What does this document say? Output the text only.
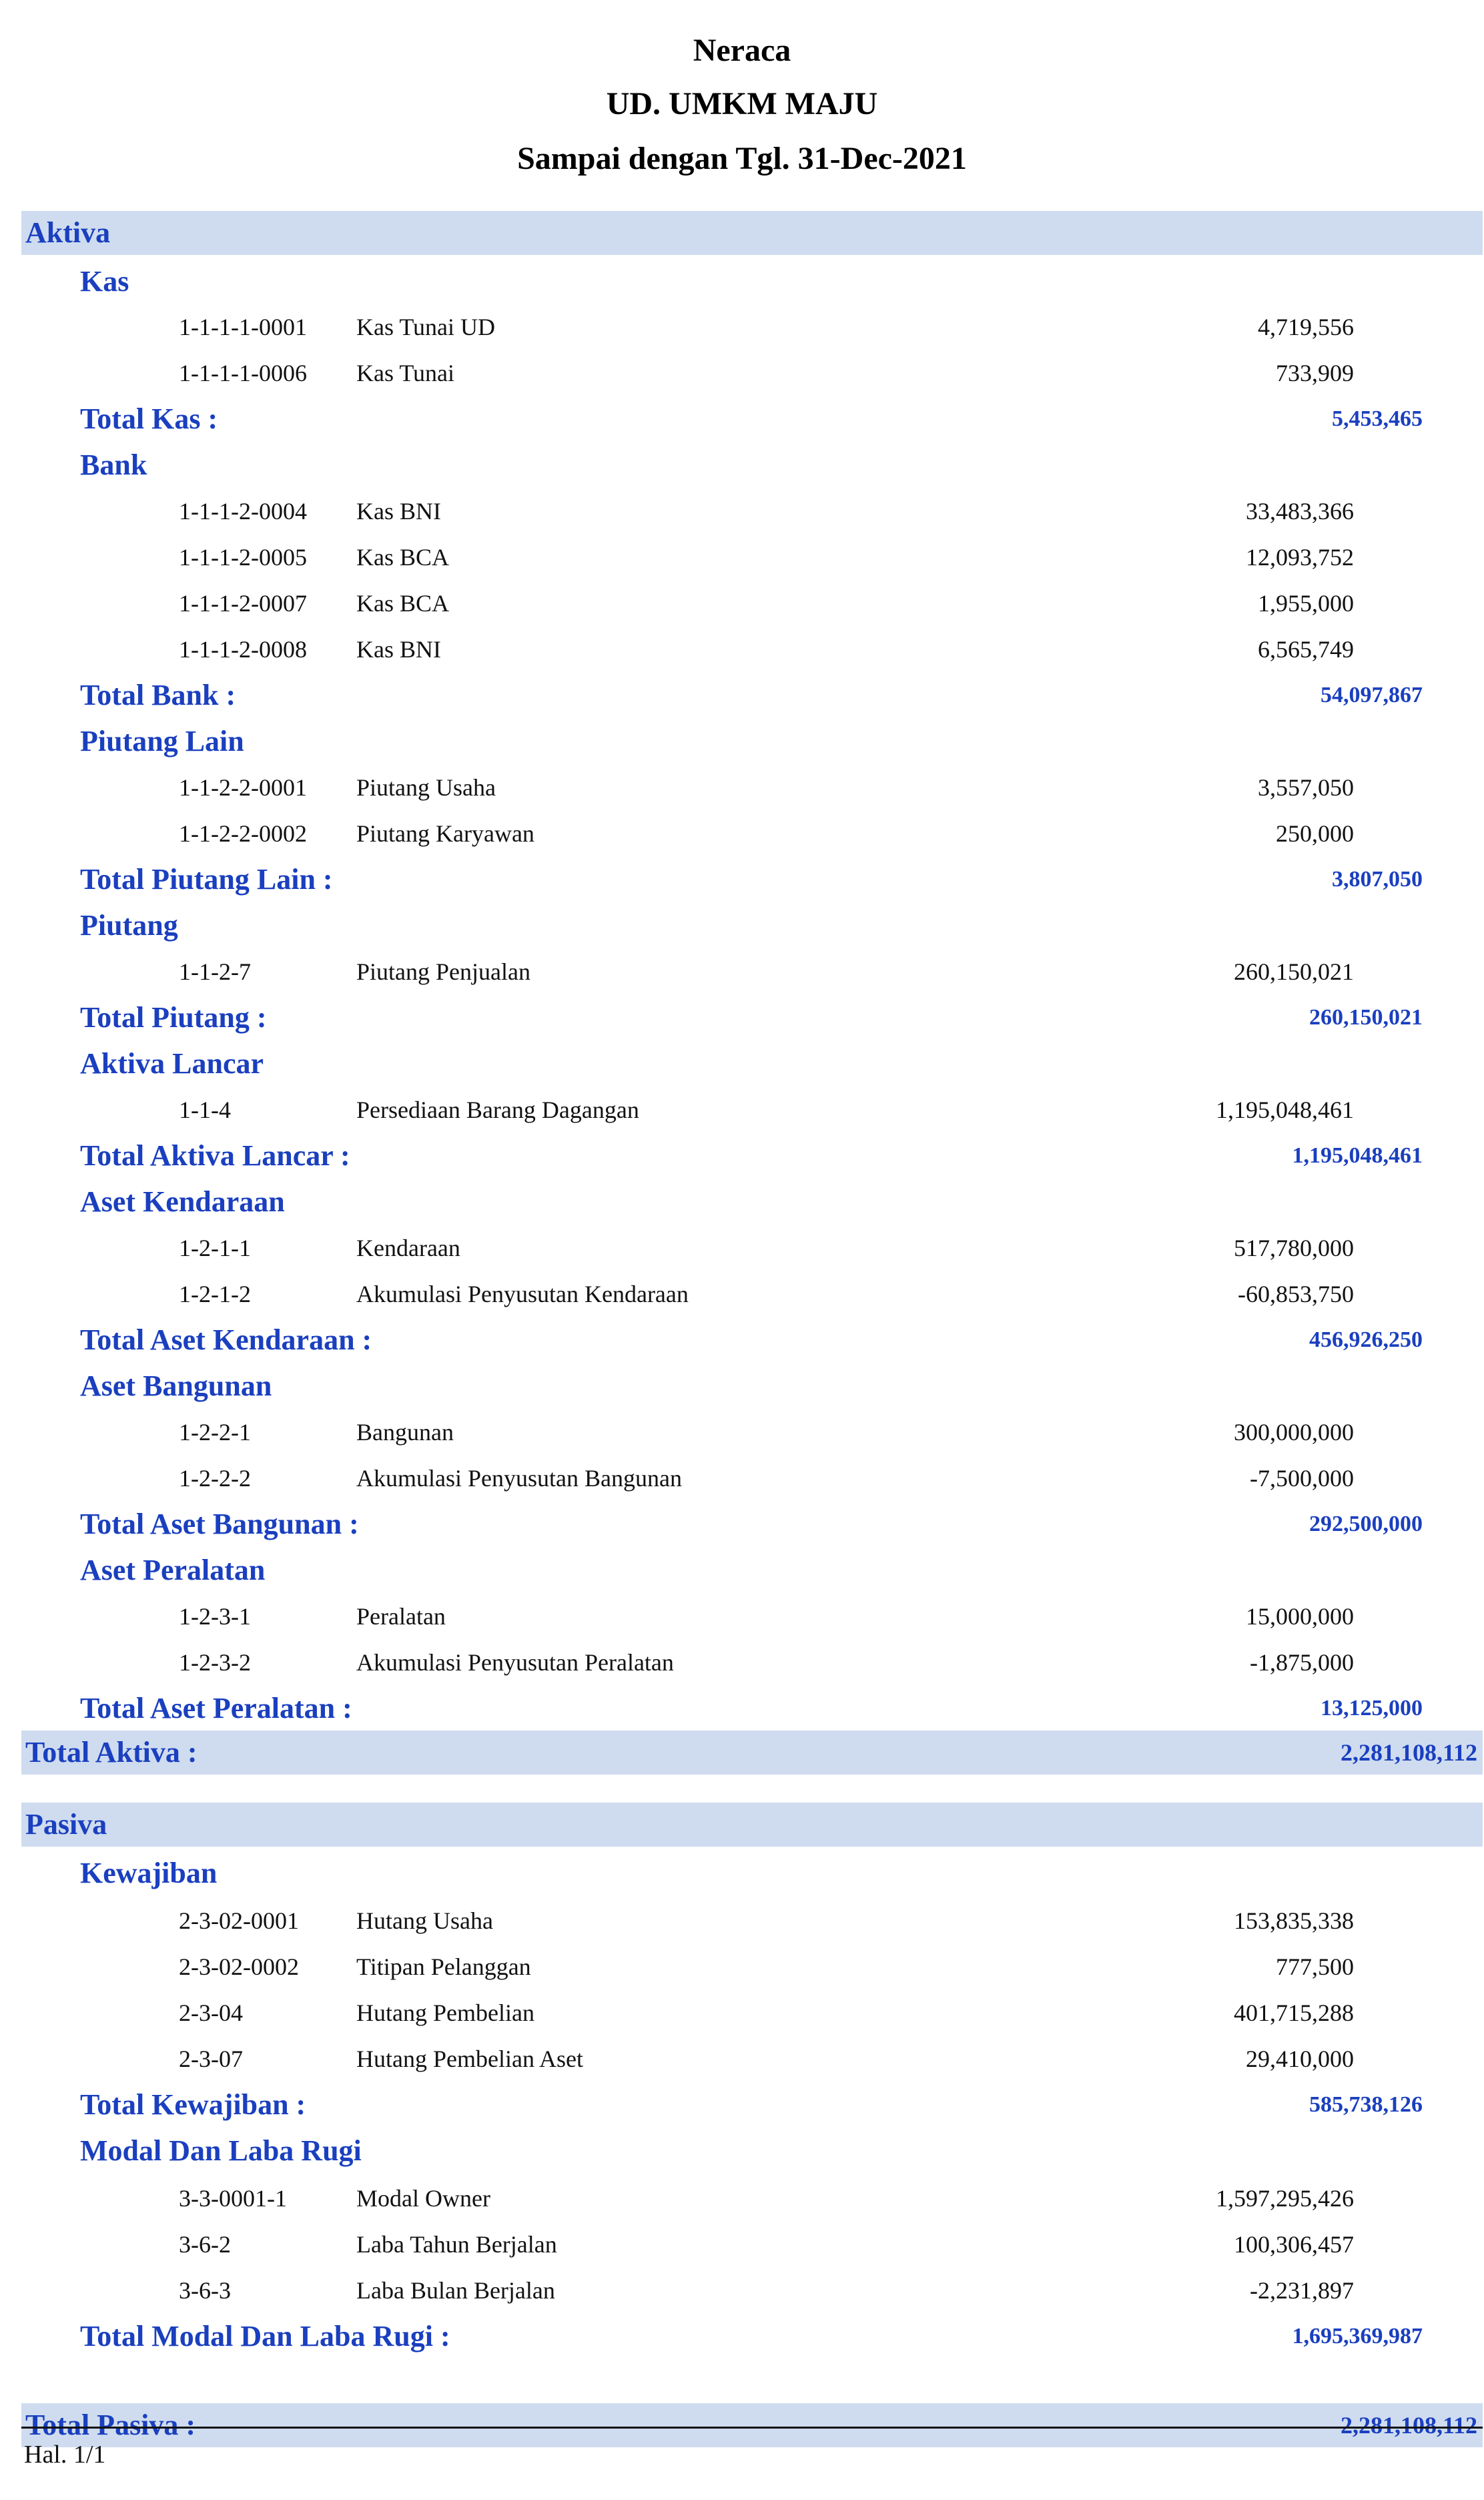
Neraca
UD. UMKM MAJU
Sampai dengan Tgl. 31-Dec-2021
Aktiva
Kas
1-1-1-1-0001 Kas Tunai UD	4,719,556
1-1-1-1-0006 Kas Tunai	733,909
Total Kas :	5,453,465
Bank
1-1-1-2-0004 Kas BNI	33,483,366
1-1-1-2-0005 Kas BCA	12,093,752
1-1-1-2-0007 Kas BCA	1,955,000
1-1-1-2-0008 Kas BNI	6,565,749
Total Bank :	54,097,867
Piutang Lain
1-1-2-2-0001 Piutang Usaha	3,557,050
1-1-2-2-0002 Piutang Karyawan	250,000
Total Piutang Lain :	3,807,050
Piutang
1-1-2-7	Piutang Penjualan	260,150,021
Total Piutang :	260,150,021
Aktiva Lancar
1-1-4	Persediaan Barang Dagangan	1,195,048,461
Total Aktiva Lancar :	1,195,048,461
Aset Kendaraan
1-2-1-1	Kendaraan	517,780,000
1-2-1-2	Akumulasi Penyusutan Kendaraan	-60,853,750
Total Aset Kendaraan :	456,926,250
Aset Bangunan
1-2-2-1	Bangunan	300,000,000
1-2-2-2	Akumulasi Penyusutan Bangunan	-7,500,000
Total Aset Bangunan :	292,500,000
Aset Peralatan
1-2-3-1	Peralatan	15,000,000
1-2-3-2	Akumulasi Penyusutan Peralatan	-1,875,000
Total Aset Peralatan :	13,125,000
Total Aktiva :	2,281,108,112
Pasiva
Kewajiban
2-3-02-0001 Hutang Usaha	153,835,338
2-3-02-0002 Titipan Pelanggan	777,500
2-3-04	Hutang Pembelian	401,715,288
2-3-07	Hutang Pembelian Aset	29,410,000
Total Kewajiban :	585,738,126
Modal Dan Laba Rugi
3-3-0001-1	Modal Owner	1,597,295,426
3-6-2	Laba Tahun Berjalan	100,306,457
3-6-3	Laba Bulan Berjalan	-2,231,897
Total Modal Dan Laba Rugi :	1,695,369,987
Total Pasiva :	2,281,108,112
Hal. 1/1
